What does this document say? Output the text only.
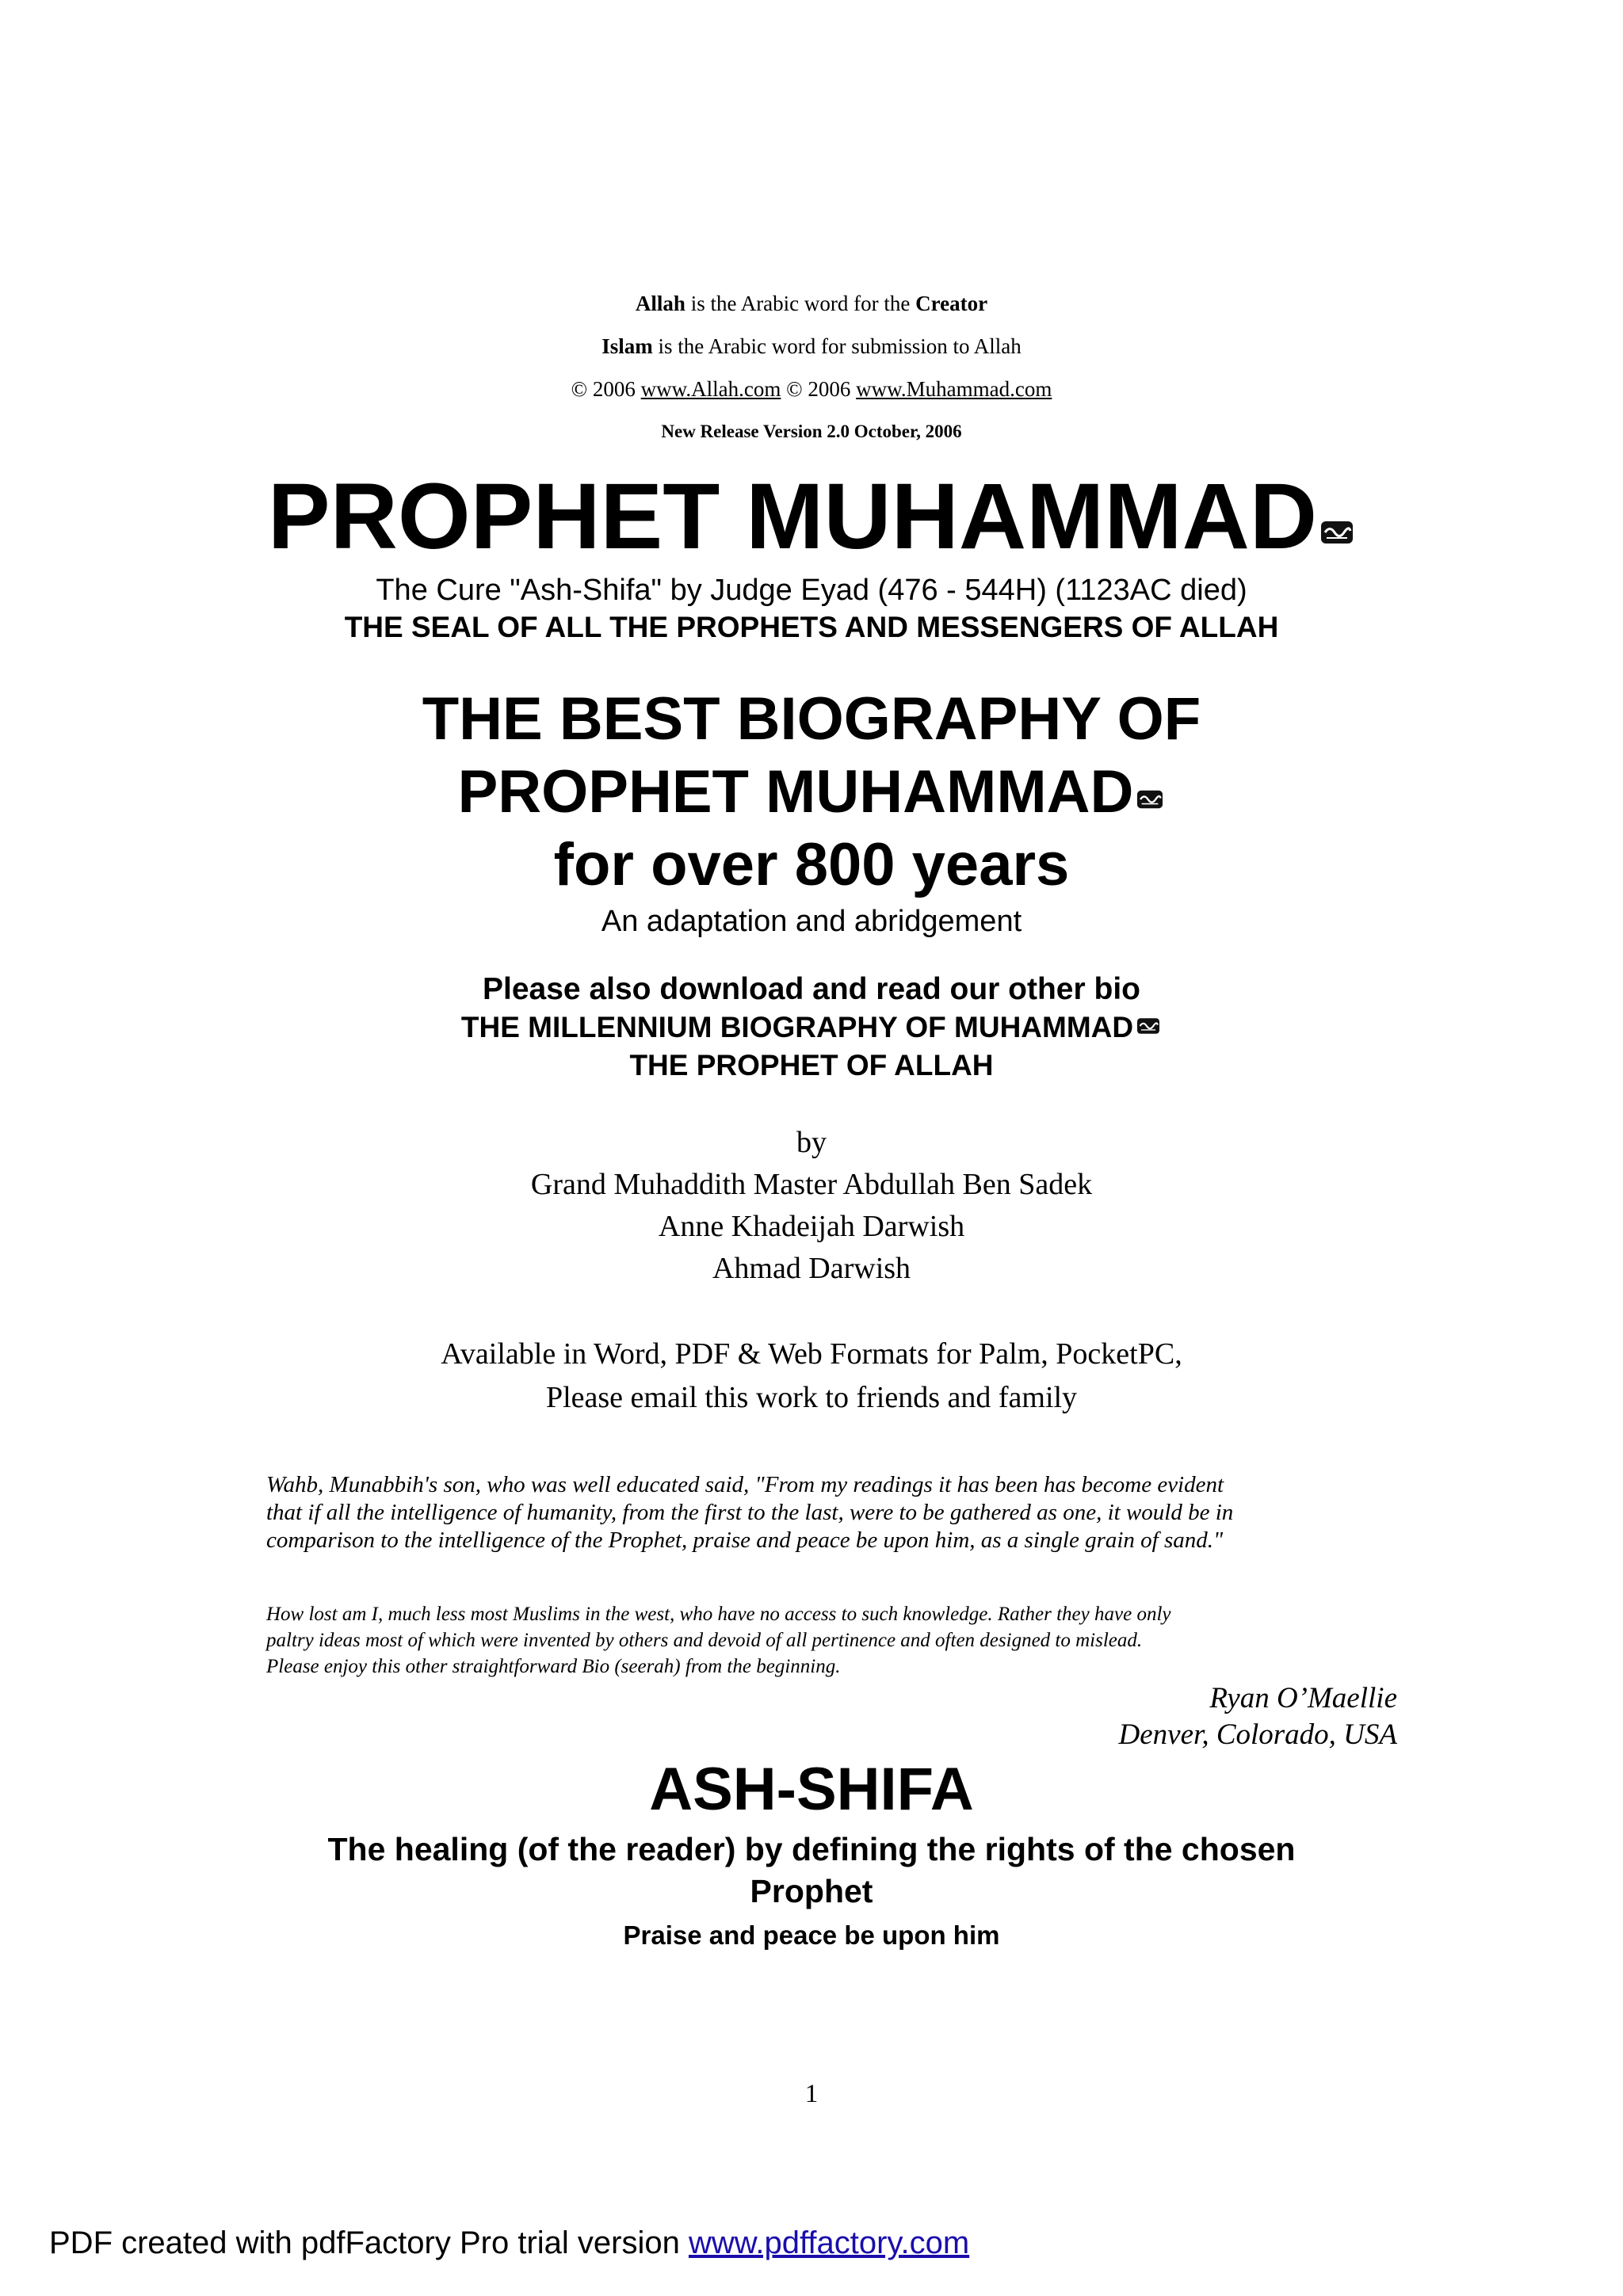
Allah is the Arabic word for the Creator
Islam is the Arabic word for submission to Allah
© 2006 www.Allah.com © 2006 www.Muhammad.com
New Release Version 2.0 October, 2006
PROPHET MUHAMMAD
The Cure "Ash-Shifa" by Judge Eyad (476 - 544H) (1123AC died)
THE SEAL OF ALL THE PROPHETS AND MESSENGERS OF ALLAH
THE BEST BIOGRAPHY OF
PROPHET MUHAMMAD
for over 800 years
An adaptation and abridgement
Please also download and read our other bio
THE MILLENNIUM BIOGRAPHY OF MUHAMMAD
THE PROPHET OF ALLAH
by
Grand Muhaddith Master Abdullah Ben Sadek
Anne Khadeijah Darwish
Ahmad Darwish
Available in Word, PDF & Web Formats for Palm, PocketPC,
Please email this work to friends and family
Wahb, Munabbih's son, who was well educated said, "From my readings it has been has become evident
that if all the intelligence of humanity, from the first to the last, were to be gathered as one, it would be in
comparison to the intelligence of the Prophet, praise and peace be upon him, as a single grain of sand."
How lost am I, much less most Muslims in the west, who have no access to such knowledge. Rather they have only
paltry ideas most of which were invented by others and devoid of all pertinence and often designed to mislead.
Please enjoy this other straightforward Bio (seerah) from the beginning.
Ryan O’Maellie
Denver, Colorado, USA
ASH-SHIFA
The healing (of the reader) by defining the rights of the chosen
Prophet
Praise and peace be upon him
1
PDF created with pdfFactory Pro trial version www.pdffactory.com
